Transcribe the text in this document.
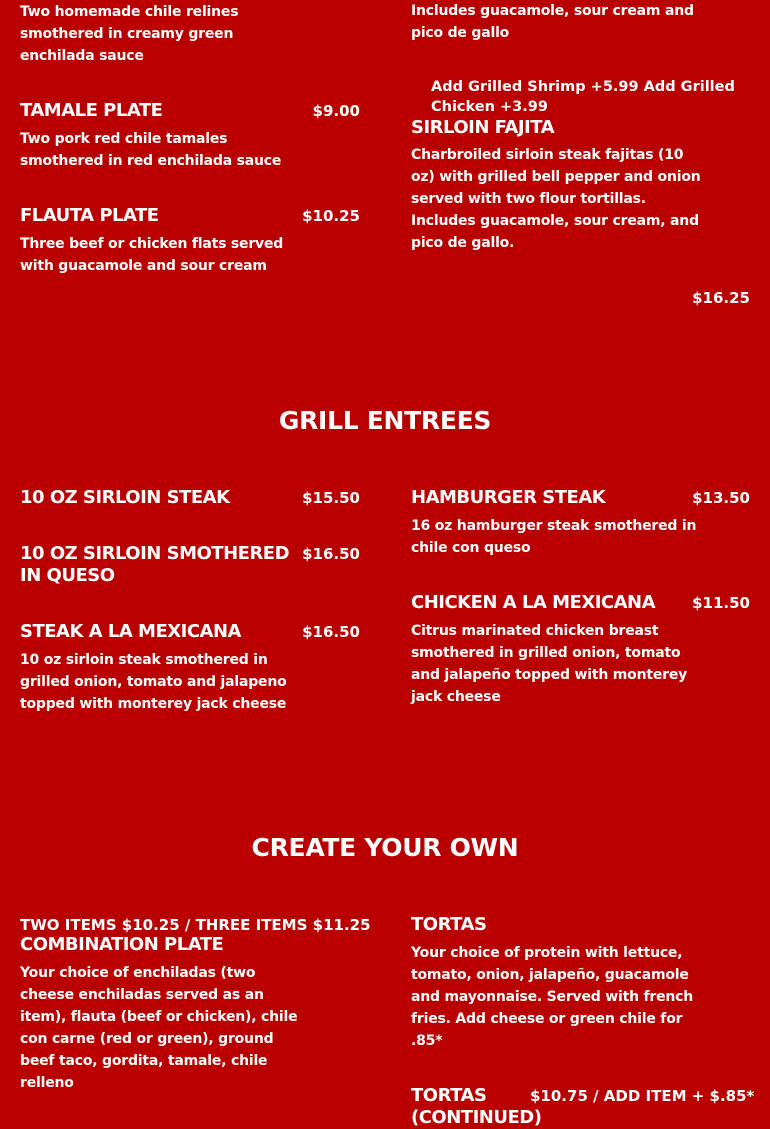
Two homemade chile relines smothered in creamy green enchilada sauce
TAMALE PLATE	$9.00
Two pork red chile tamales smothered in red enchilada sauce
FLAUTA PLATE	$10.25
Three beef or chicken flats served with guacamole and sour cream
Includes guacamole, sour cream and pico de gallo
Add Grilled Shrimp +5.99 Add Grilled Chicken +3.99
SIRLOIN FAJITA
Charbroiled sirloin steak fajitas (10 oz) with grilled bell pepper and onion served with two flour tortillas. Includes guacamole, sour cream, and pico de gallo.
$16.25
GRILL ENTREES
10 OZ SIRLOIN STEAK	$15.50
10 OZ SIRLOIN SMOTHERED IN QUESO
$16.50
STEAK A LA MEXICANA	$16.50
10 oz sirloin steak smothered in grilled onion, tomato and jalapeno topped with monterey jack cheese
HAMBURGER STEAK	$13.50
16 oz hamburger steak smothered in chile con queso
CHICKEN A LA MEXICANA	$11.50
Citrus marinated chicken breast smothered in grilled onion, tomato and jalapeño topped with monterey jack cheese
CREATE YOUR OWN
TWO ITEMS $10.25 / THREE ITEMS $11.25
COMBINATION PLATE
Your choice of enchiladas (two cheese enchiladas served as an item), flauta (beef or chicken), chile con carne (red or green), ground beef taco, gordita, tamale, chile relleno
TORTAS
Your choice of protein with lettuce, tomato, onion, jalapeño, guacamole and mayonnaise. Served with french fries. Add cheese or green chile for .85*
TORTAS (CONTINUED)
$10.75 / ADD ITEM + $.85*
